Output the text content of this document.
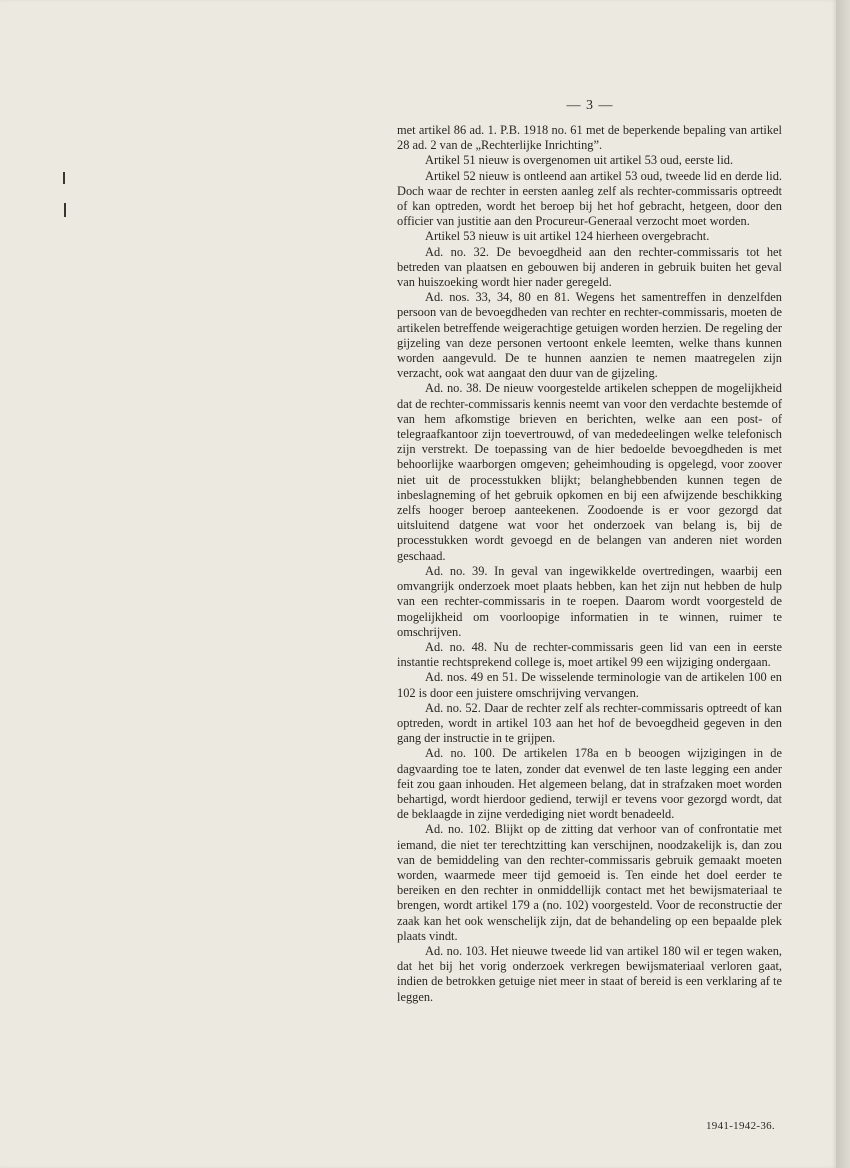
— 3 —

met artikel 86 ad. 1. P.B. 1918 no. 61 met de beperkende bepaling van artikel 28 ad. 2 van de „Rechterlijke Inrichting”.

Artikel 51 nieuw is overgenomen uit artikel 53 oud, eerste lid.

Artikel 52 nieuw is ontleend aan artikel 53 oud, tweede lid en derde lid. Doch waar de rechter in eersten aanleg zelf als rechter-commissaris optreedt of kan optreden, wordt het beroep bij het hof gebracht, hetgeen, door den officier van justitie aan den Procureur-Generaal verzocht moet worden.

Artikel 53 nieuw is uit artikel 124 hierheen overgebracht.

Ad. no. 32. De bevoegdheid aan den rechter-commissaris tot het betreden van plaatsen en gebouwen bij anderen in gebruik buiten het geval van huiszoeking wordt hier nader geregeld.

Ad. nos. 33, 34, 80 en 81. Wegens het samentreffen in denzelfden persoon van de bevoegdheden van rechter en rechter-commissaris, moeten de artikelen betreffende weigerachtige getuigen worden herzien. De regeling der gijzeling van deze personen vertoont enkele leemten, welke thans kunnen worden aangevuld. De te hunnen aanzien te nemen maatregelen zijn verzacht, ook wat aangaat den duur van de gijzeling.

Ad. no. 38. De nieuw voorgestelde artikelen scheppen de mogelijkheid dat de rechter-commissaris kennis neemt van voor den verdachte bestemde of van hem afkomstige brieven en berichten, welke aan een post- of telegraafkantoor zijn toevertrouwd, of van mededeelingen welke telefonisch zijn verstrekt. De toepassing van de hier bedoelde bevoegdheden is met behoorlijke waarborgen omgeven; geheimhouding is opgelegd, voor zoover niet uit de processtukken blijkt; belanghebbenden kunnen tegen de inbeslagneming of het gebruik opkomen en bij een afwijzende beschikking zelfs hooger beroep aanteekenen. Zoodoende is er voor gezorgd dat uitsluitend datgene wat voor het onderzoek van belang is, bij de processtukken wordt gevoegd en de belangen van anderen niet worden geschaad.

Ad. no. 39. In geval van ingewikkelde overtredingen, waarbij een omvangrijk onderzoek moet plaats hebben, kan het zijn nut hebben de hulp van een rechter-commissaris in te roepen. Daarom wordt voorgesteld de mogelijkheid om voorloopige informatien in te winnen, ruimer te omschrijven.

Ad. no. 48. Nu de rechter-commissaris geen lid van een in eerste instantie rechtsprekend college is, moet artikel 99 een wijziging ondergaan.

Ad. nos. 49 en 51. De wisselende terminologie van de artikelen 100 en 102 is door een juistere omschrijving vervangen.

Ad. no. 52. Daar de rechter zelf als rechter-commissaris optreedt of kan optreden, wordt in artikel 103 aan het hof de bevoegdheid gegeven in den gang der instructie in te grijpen.

Ad. no. 100. De artikelen 178a en b beoogen wijzigingen in de dagvaarding toe te laten, zonder dat evenwel de ten laste legging een ander feit zou gaan inhouden. Het algemeen belang, dat in strafzaken moet worden behartigd, wordt hierdoor gediend, terwijl er tevens voor gezorgd wordt, dat de beklaagde in zijne verdediging niet wordt benadeeld.

Ad. no. 102. Blijkt op de zitting dat verhoor van of confrontatie met iemand, die niet ter terechtzitting kan verschijnen, noodzakelijk is, dan zou van de bemiddeling van den rechter-commissaris gebruik gemaakt moeten worden, waarmede meer tijd gemoeid is. Ten einde het doel eerder te bereiken en den rechter in onmiddellijk contact met het bewijsmateriaal te brengen, wordt artikel 179 a (no. 102) voorgesteld. Voor de reconstructie der zaak kan het ook wenschelijk zijn, dat de behandeling op een bepaalde plek plaats vindt.

Ad. no. 103. Het nieuwe tweede lid van artikel 180 wil er tegen waken, dat het bij het vorig onderzoek verkregen bewijsmateriaal verloren gaat, indien de betrokken getuige niet meer in staat of bereid is een verklaring af te leggen.

1941-1942-36.
